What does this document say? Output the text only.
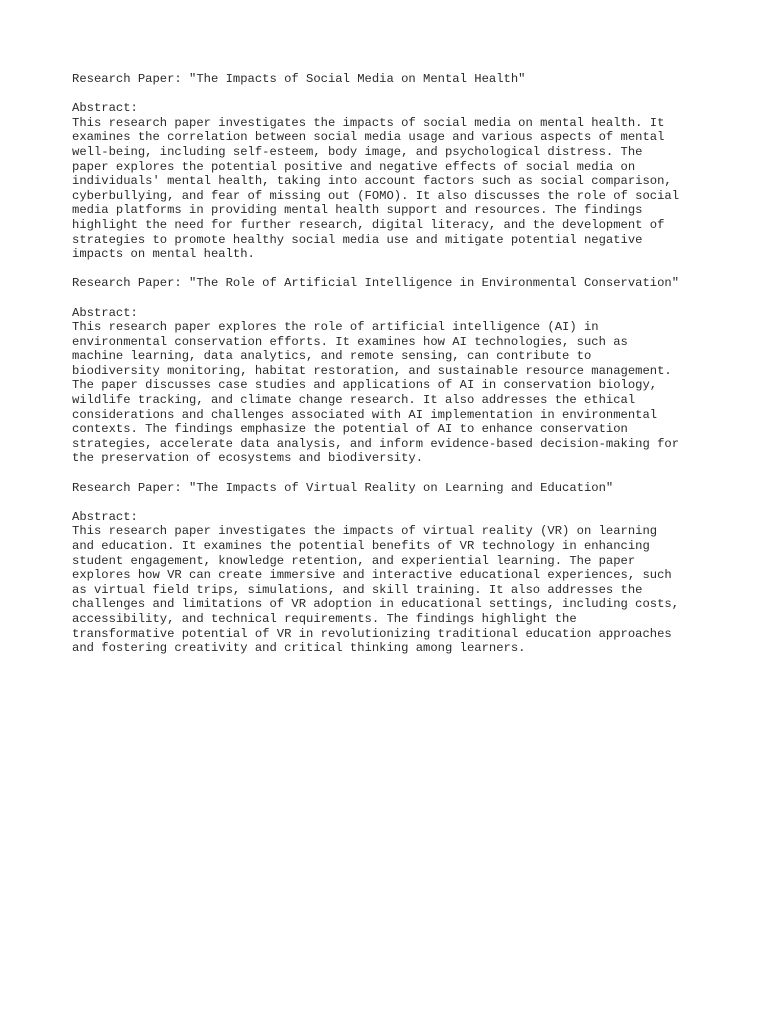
Research Paper: "The Impacts of Social Media on Mental Health"
Abstract:
This research paper investigates the impacts of social media on mental health. It
examines the correlation between social media usage and various aspects of mental
well-being, including self-esteem, body image, and psychological distress. The
paper explores the potential positive and negative effects of social media on
individuals' mental health, taking into account factors such as social comparison,
cyberbullying, and fear of missing out (FOMO). It also discusses the role of social
media platforms in providing mental health support and resources. The findings
highlight the need for further research, digital literacy, and the development of
strategies to promote healthy social media use and mitigate potential negative
impacts on mental health.
Research Paper: "The Role of Artificial Intelligence in Environmental Conservation"
Abstract:
This research paper explores the role of artificial intelligence (AI) in
environmental conservation efforts. It examines how AI technologies, such as
machine learning, data analytics, and remote sensing, can contribute to
biodiversity monitoring, habitat restoration, and sustainable resource management.
The paper discusses case studies and applications of AI in conservation biology,
wildlife tracking, and climate change research. It also addresses the ethical
considerations and challenges associated with AI implementation in environmental
contexts. The findings emphasize the potential of AI to enhance conservation
strategies, accelerate data analysis, and inform evidence-based decision-making for
the preservation of ecosystems and biodiversity.
Research Paper: "The Impacts of Virtual Reality on Learning and Education"
Abstract:
This research paper investigates the impacts of virtual reality (VR) on learning
and education. It examines the potential benefits of VR technology in enhancing
student engagement, knowledge retention, and experiential learning. The paper
explores how VR can create immersive and interactive educational experiences, such
as virtual field trips, simulations, and skill training. It also addresses the
challenges and limitations of VR adoption in educational settings, including costs,
accessibility, and technical requirements. The findings highlight the
transformative potential of VR in revolutionizing traditional education approaches
and fostering creativity and critical thinking among learners.
